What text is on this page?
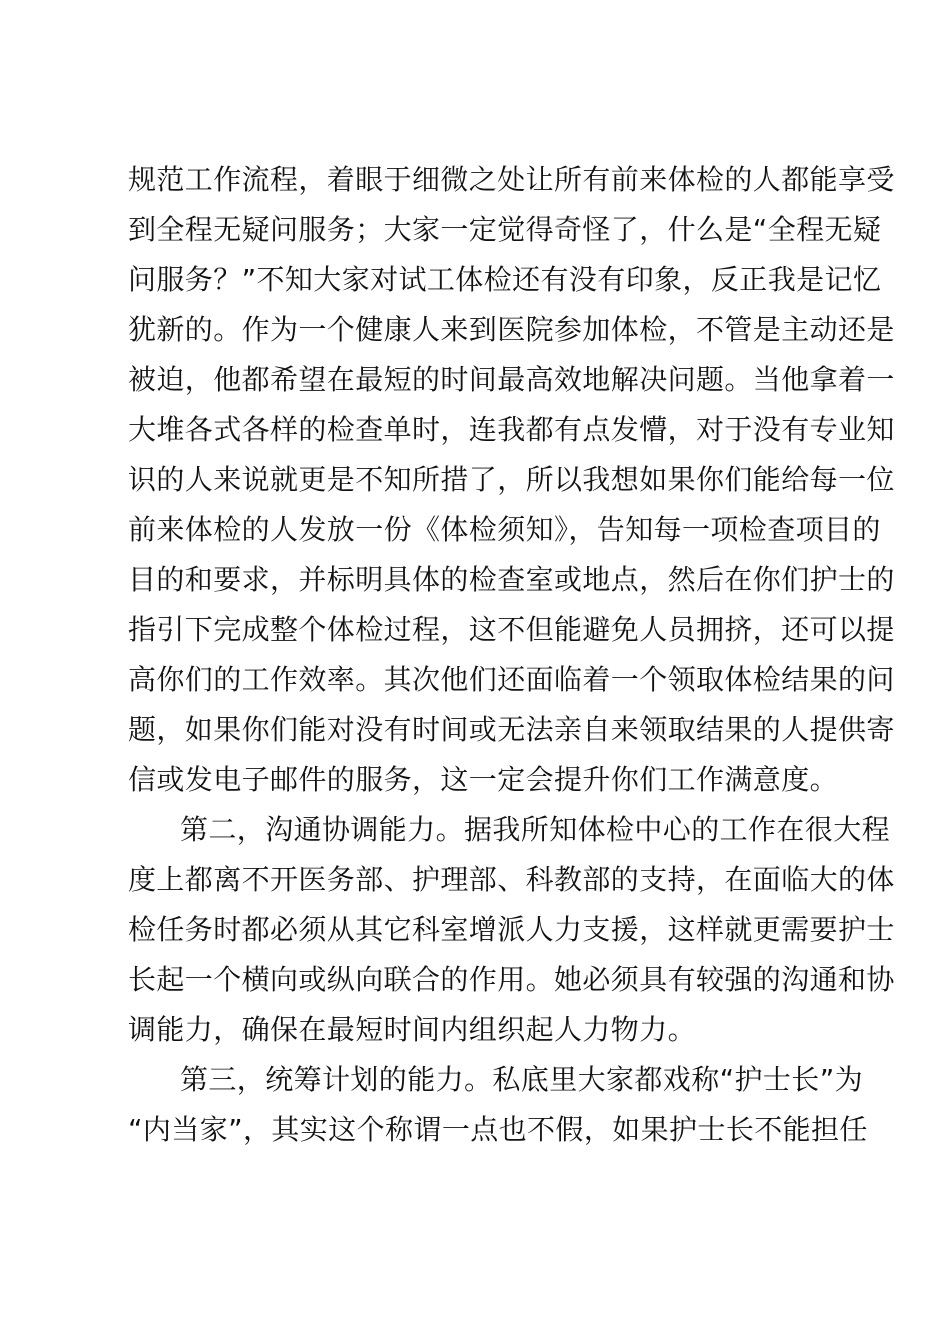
规范工作流程，着眼于细微之处让所有前来体检的人都能享受
到全程无疑问服务；大家一定觉得奇怪了，什么是“全程无疑
问服务？”不知大家对试工体检还有没有印象，反正我是记忆
犹新的。作为一个健康人来到医院参加体检，不管是主动还是
被迫，他都希望在最短的时间最高效地解决问题。当他拿着一
大堆各式各样的检查单时，连我都有点发懵，对于没有专业知
识的人来说就更是不知所措了，所以我想如果你们能给每一位
前来体检的人发放一份《体检须知》，告知每一项检查项目的
目的和要求，并标明具体的检查室或地点，然后在你们护士的
指引下完成整个体检过程，这不但能避免人员拥挤，还可以提
高你们的工作效率。其次他们还面临着一个领取体检结果的问
题，如果你们能对没有时间或无法亲自来领取结果的人提供寄
信或发电子邮件的服务，这一定会提升你们工作满意度。
第二，沟通协调能力。据我所知体检中心的工作在很大程
度上都离不开医务部、护理部、科教部的支持，在面临大的体
检任务时都必须从其它科室增派人力支援，这样就更需要护士
长起一个横向或纵向联合的作用。她必须具有较强的沟通和协
调能力，确保在最短时间内组织起人力物力。
第三，统筹计划的能力。私底里大家都戏称“护士长”为
“内当家”，其实这个称谓一点也不假，如果护士长不能担任
